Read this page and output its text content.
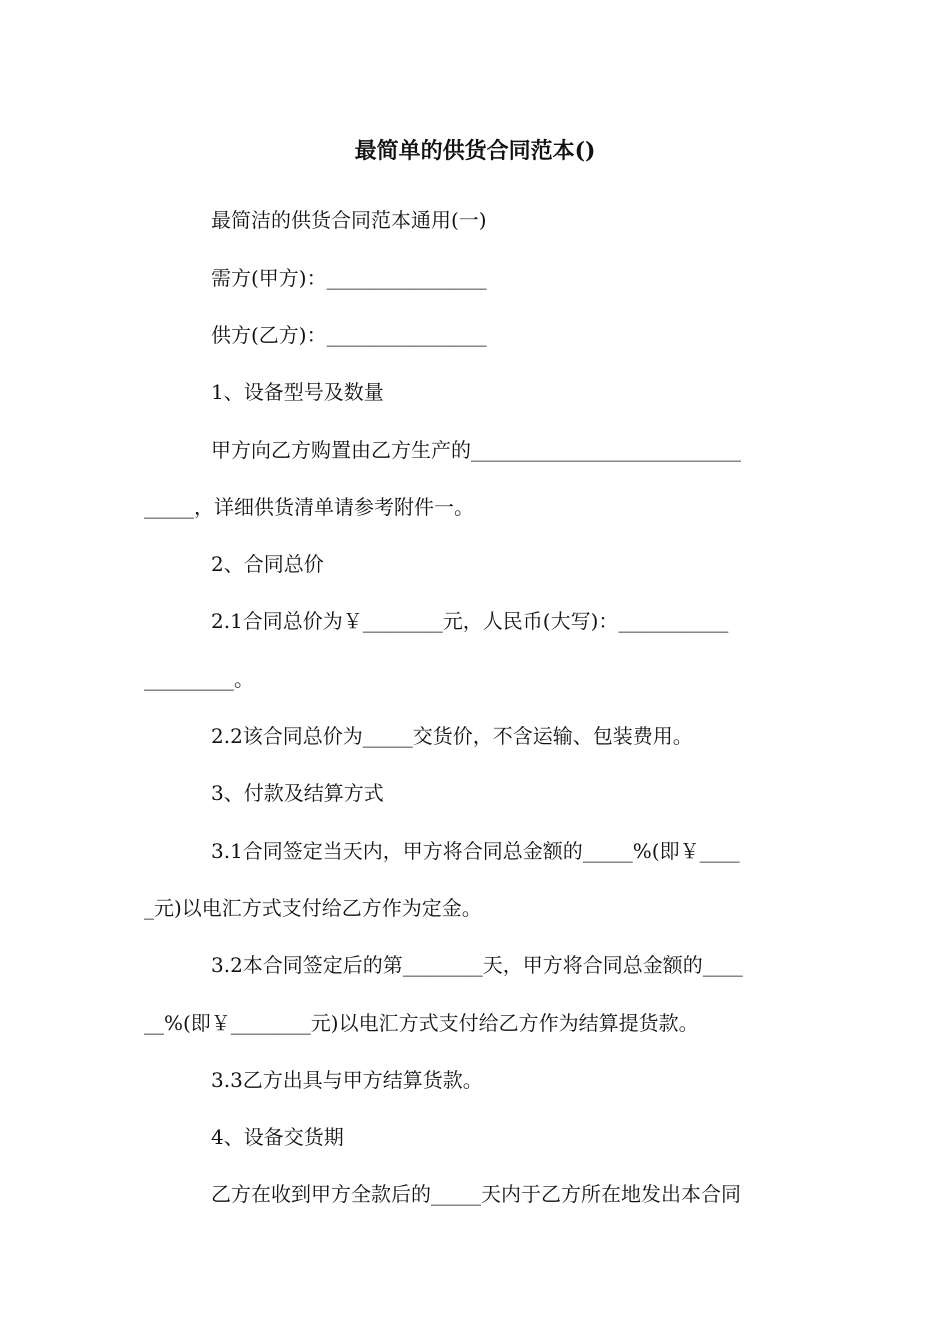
最简单的供货合同范本()
最简洁的供货合同范本通用(一)
需方(甲方)：________________
供方(乙方)：________________
1、设备型号及数量
甲方向乙方购置由乙方生产的___________________________
_____，详细供货清单请参考附件一。
2、合同总价
2.1合同总价为￥________元，人民币(大写)：___________
_________。
2.2该合同总价为_____交货价，不含运输、包装费用。
3、付款及结算方式
3.1合同签定当天内，甲方将合同总金额的_____%(即￥____
_元)以电汇方式支付给乙方作为定金。
3.2本合同签定后的第________天，甲方将合同总金额的____
__%(即￥________元)以电汇方式支付给乙方作为结算提货款。
3.3乙方出具与甲方结算货款。
4、设备交货期
乙方在收到甲方全款后的_____天内于乙方所在地发出本合同
